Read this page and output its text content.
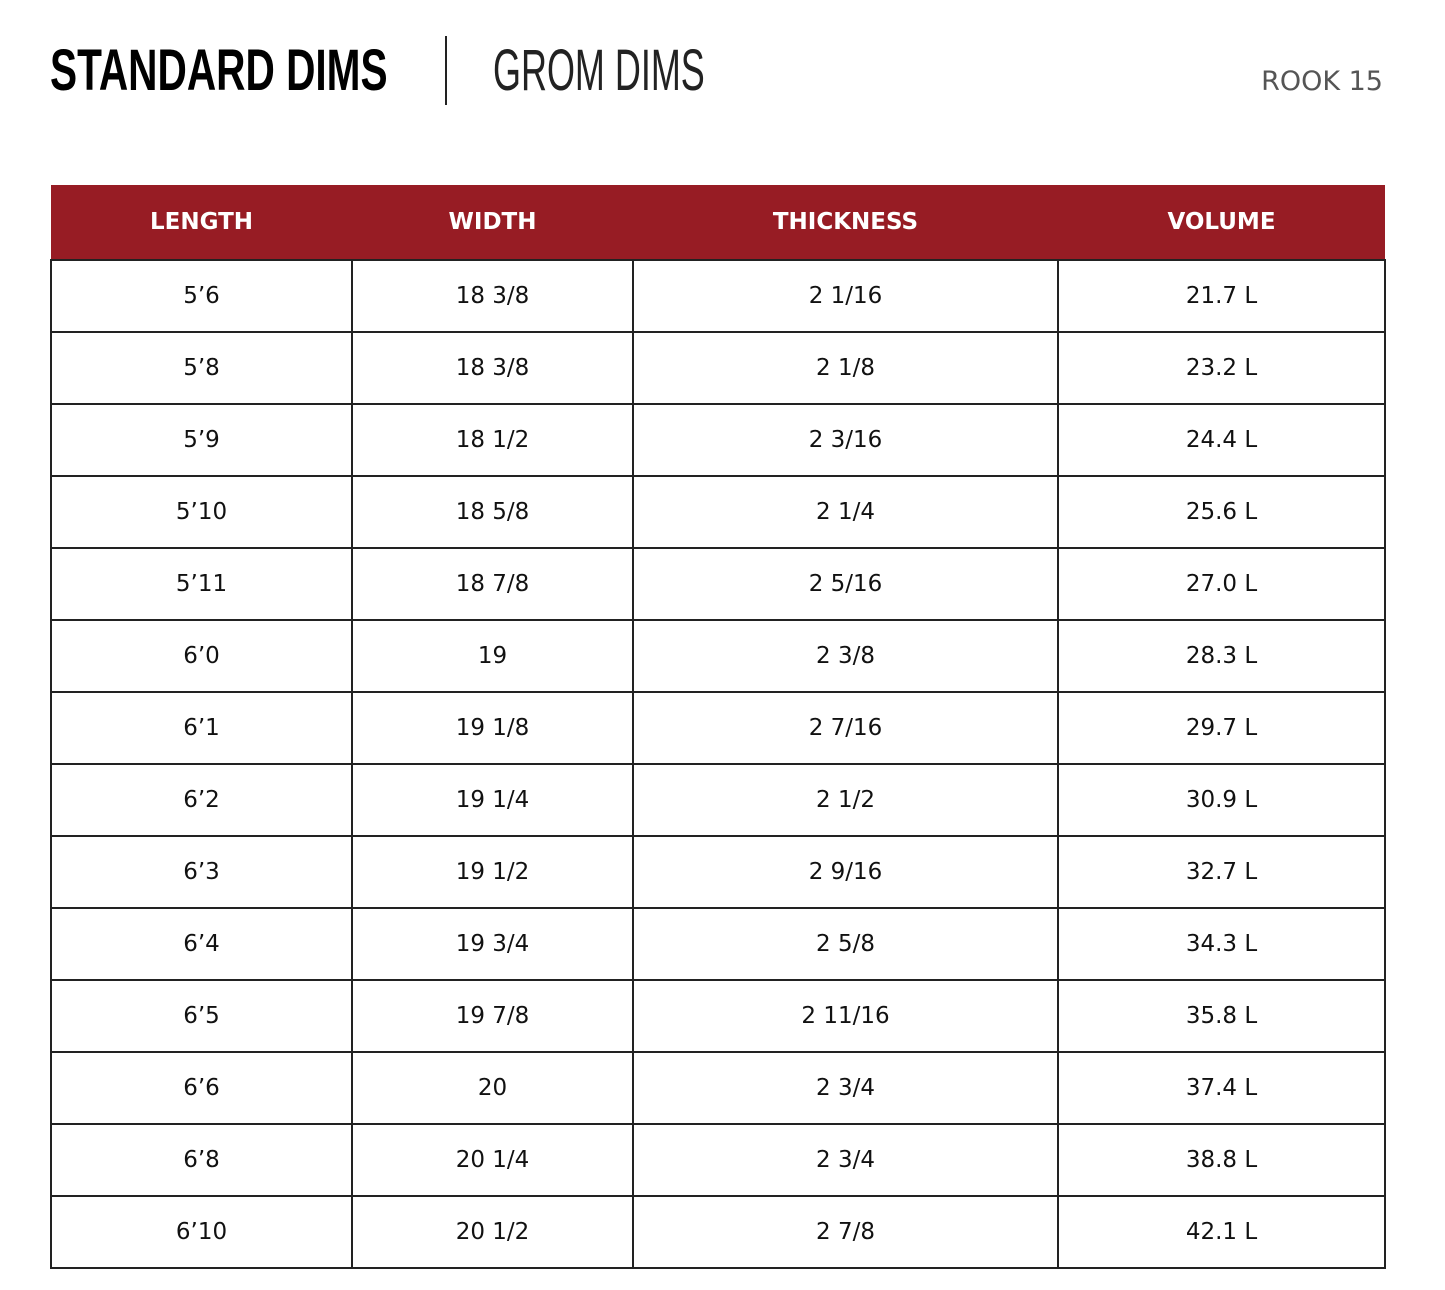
STANDARD DIMS GROM DIMS	ROOK 15
LENGTH	WIDTH	THICKNESS	VOLUME
5’6	18 3/8	2 1/16	21.7 L
5’8	18 3/8	2 1/8	23.2 L
5’9	18 1/2	2 3/16	24.4 L
5’10	18 5/8	2 1/4	25.6 L
5’11	18 7/8	2 5/16	27.0 L
6’0	19	2 3/8	28.3 L
6’1	19 1/8	2 7/16	29.7 L
6’2	19 1/4	2 1/2	30.9 L
6’3	19 1/2	2 9/16	32.7 L
6’4	19 3/4	2 5/8	34.3 L
6’5	19 7/8	2 11/16	35.8 L
6’6	20	2 3/4	37.4 L
6’8	20 1/4	2 3/4	38.8 L
6’10	20 1/2	2 7/8	42.1 L
